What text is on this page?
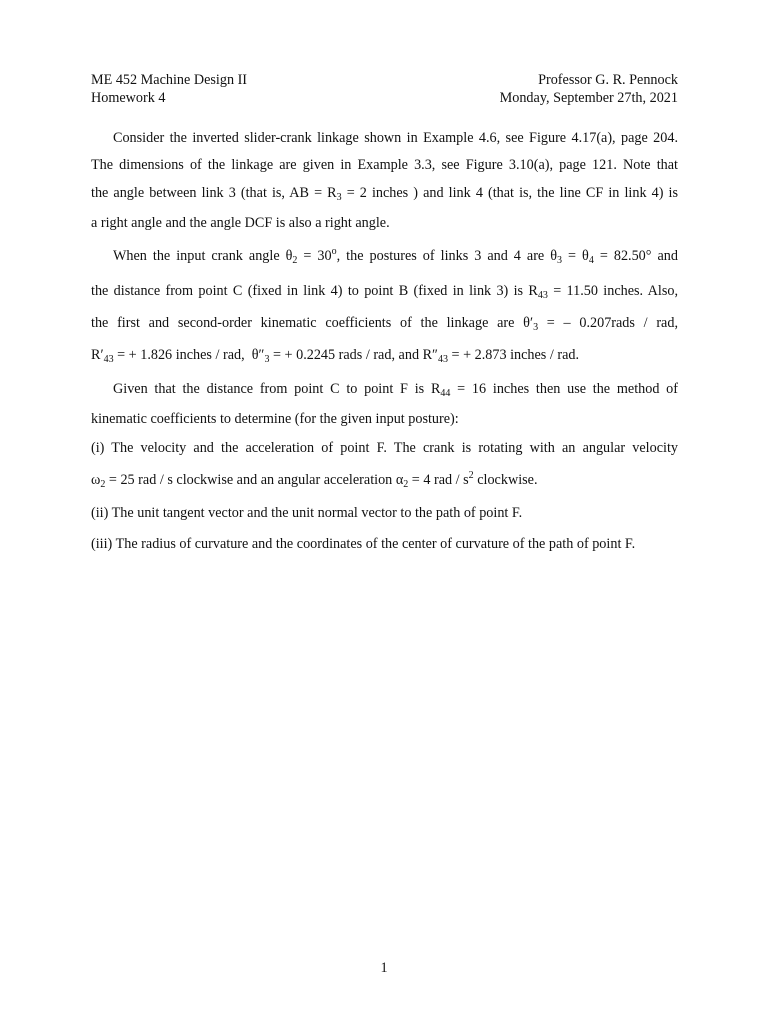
ME 452 Machine Design II	Professor G. R. Pennock
Homework 4	Monday, September 27th, 2021
Consider the inverted slider-crank linkage shown in Example 4.6, see Figure 4.17(a), page 204.
The dimensions of the linkage are given in Example 3.3, see Figure 3.10(a), page 121. Note that
the angle between link 3 (that is, AB = $R_3 = 2$ inches ) and link 4 (that is, the line CF in link 4) is
a right angle and the angle DCF is also a right angle.
When the input crank angle $\theta_2 = 30^o$, the postures of links 3 and 4 are $\theta_3 = \theta_4 = 82.50^\circ$ and
the distance from point C (fixed in link 4) to point B (fixed in link 3) is $R_{43} = 11.50$ inches. Also,
the first and second-order kinematic coefficients of the linkage are $\theta'_3$ = – 0.207rads / rad,
$R'_{43}$ = + 1.826 inches / rad, $\theta''_3$ = + 0.2245 rads / rad, and $R''_{43}$ = + 2.873 inches / rad.
Given that the distance from point C to point F is $R_{44} = 16$ inches then use the method of
kinematic coefficients to determine (for the given input posture):
(i) The velocity and the acceleration of point F. The crank is rotating with an angular velocity
$\omega_2 = 25$ rad / s clockwise and an angular acceleration $\alpha_2 = 4$ rad / $s^2$ clockwise.
(ii) The unit tangent vector and the unit normal vector to the path of point F.
(iii) The radius of curvature and the coordinates of the center of curvature of the path of point F.
1
